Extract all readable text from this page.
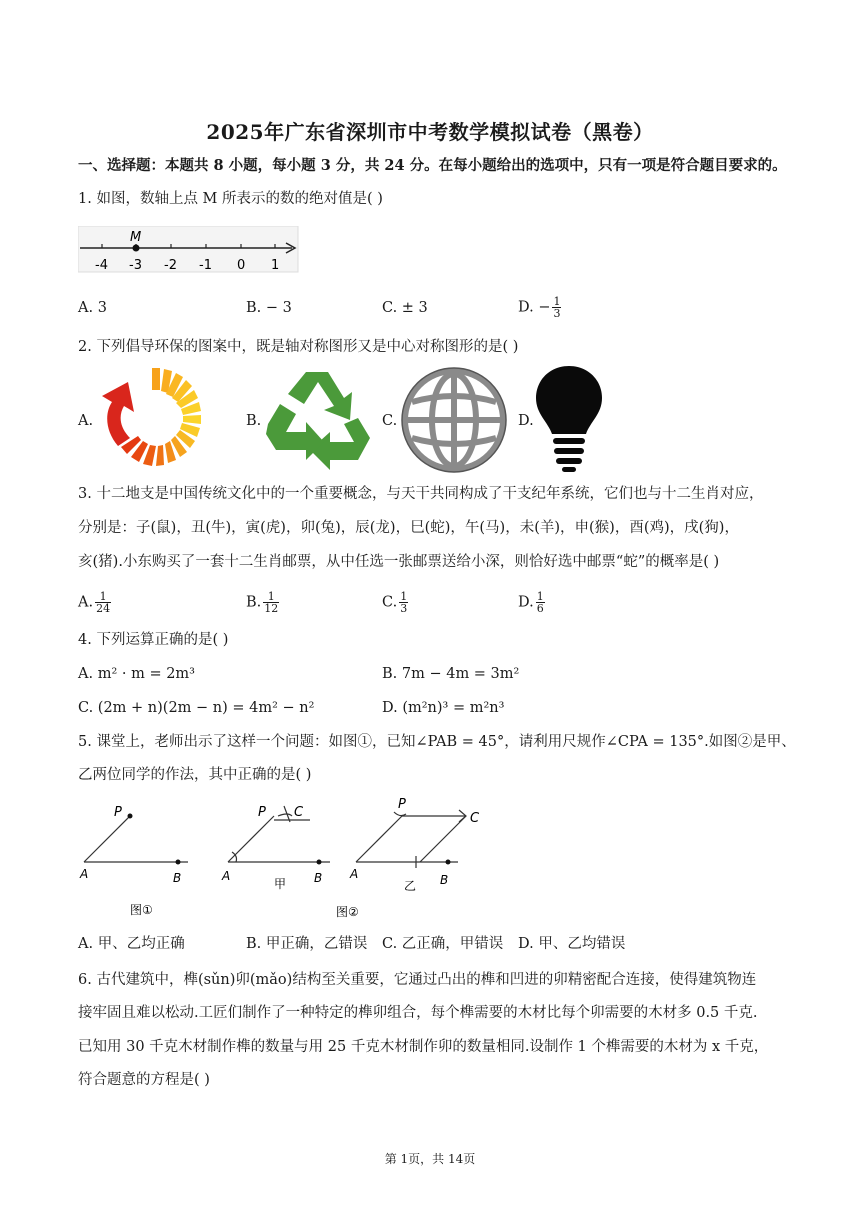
2025年广东省深圳市中考数学模拟试卷（黑卷）
一、选择题：本题共 8 小题，每小题 3 分，共 24 分。在每小题给出的选项中，只有一项是符合题目要求的。
1. 如图，数轴上点 M 所表示的数的绝对值是( )
M
-4 -3 -2 -1 0 1
A. 3	B. − 3	C. ± 3	D. − $\frac{1}{3}$
2. 下列倡导环保的图案中，既是轴对称图形又是中心对称图形的是( )
A.	B.	C.	D.
3. 十二地支是中国传统文化中的一个重要概念，与天干共同构成了干支纪年系统，它们也与十二生肖对应，
分别是：子(鼠)，丑(牛)，寅(虎)，卯(兔)，辰(龙)，巳(蛇)，午(马)，未(羊)，申(猴)，酉(鸡)，戌(狗)，
亥(猪).小东购买了一套十二生肖邮票，从中任选一张邮票送给小深，则恰好选中邮票“蛇”的概率是( )
A. $\frac{1}{24}$	B. $\frac{1}{12}$	C. $\frac{1}{3}$	D. $\frac{1}{6}$
4. 下列运算正确的是( )
A. m² · m = 2m³	B. 7m − 4m = 3m²
C. (2m + n)(2m − n) = 4m² − n²	D. (m²n)³ = m²n³
5. 课堂上，老师出示了这样一个问题：如图①，已知∠PAB = 45°，请利用尺规作∠CPA = 135°.如图②是甲、
乙两位同学的作法，其中正确的是( )
P
A	B
图①
P C
A	B
甲
P
C
A	B
乙
图②
A. 甲、乙均正确	B. 甲正确，乙错误 C. 乙正确，甲错误 D. 甲、乙均错误
6. 古代建筑中，榫(sǔn)卯(mǎo)结构至关重要，它通过凸出的榫和凹进的卯精密配合连接，使得建筑物连
接牢固且难以松动.工匠们制作了一种特定的榫卯组合，每个榫需要的木材比每个卯需要的木材多 0.5 千克.
已知用 30 千克木材制作榫的数量与用 25 千克木材制作卯的数量相同.设制作 1 个榫需要的木材为 x 千克，
符合题意的方程是( )
第 1页，共 14页
